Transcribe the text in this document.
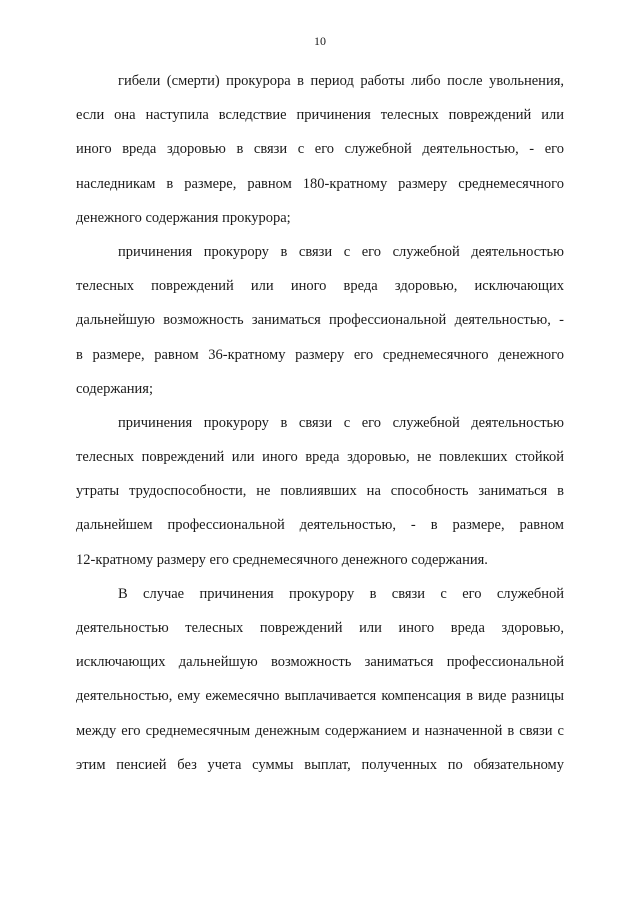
10
гибели (смерти) прокурора в период работы либо после увольнения,
если она наступила вследствие причинения телесных повреждений или
иного вреда здоровью в связи с его служебной деятельностью, - его
наследникам в размере, равном 180-кратному размеру среднемесячного
денежного содержания прокурора;
причинения прокурору в связи с его служебной деятельностью
телесных повреждений или иного вреда здоровью, исключающих
дальнейшую возможность заниматься профессиональной деятельностью, -
в размере, равном 36-кратному размеру его среднемесячного денежного
содержания;
причинения прокурору в связи с его служебной деятельностью
телесных повреждений или иного вреда здоровью, не повлекших стойкой
утраты трудоспособности, не повлиявших на способность заниматься в
дальнейшем профессиональной деятельностью, - в размере, равном
12-кратному размеру его среднемесячного денежного содержания.
В случае причинения прокурору в связи с его служебной
деятельностью телесных повреждений или иного вреда здоровью,
исключающих дальнейшую возможность заниматься профессиональной
деятельностью, ему ежемесячно выплачивается компенсация в виде разницы
между его среднемесячным денежным содержанием и назначенной в связи с
этим пенсией без учета суммы выплат, полученных по обязательному
